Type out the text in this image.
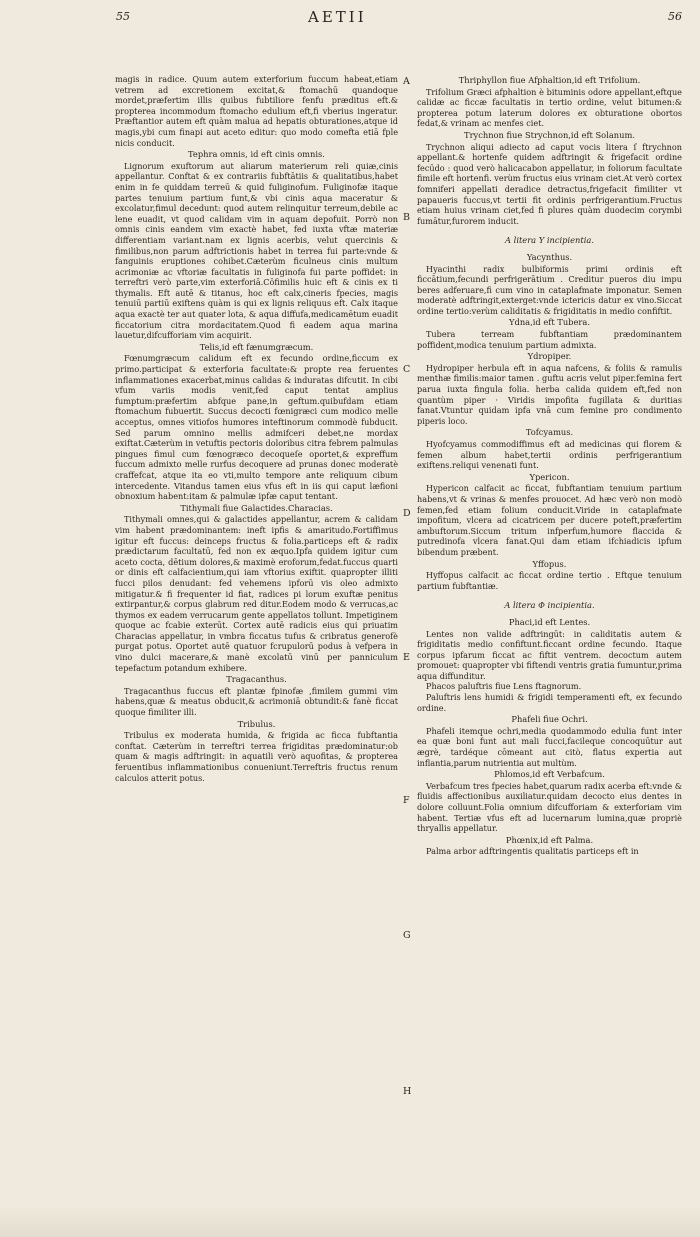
55	AETII	56
A
B
C
D
E
F
G
H

magis in radice. Quum autem exterforium fuccum habeat,etiam vetrem ad excretionem excitat,& ftomachū quandoque mordet,præfertim illis quibus fubtiliore fenfu præditus eft.& propterea incommodum ftomacho edulium eft,fi vberius ingeratur. Præftantior autem eft quàm malua ad hepatis obturationes,atque id magis,ybi cum finapi aut aceto editur: quo modo comefta etiā fple nicis conducit.

Tephra omnis, id eft cinis omnis.

Lignorum exuftorum aut aliarum materierum reli quiæ,cinis appellantur. Conftat & ex contrariis fubftātiis & qualitatibus,habet enim in fe quiddam terreū & quid fuliginofum. Fuliginofæ itaque partes tenuium partium funt,& vbi cinis aqua maceratur & excolatur,fimul decedunt: quod autem relinquitur terreum,debile ac lene euadit, vt quod calidam vim in aquam depofuit. Porrò non omnis cinis eandem vim exactè habet, fed iuxta vftæ materiæ differentiam variant.nam ex lignis acerbis, velut quercinis & fimilibus,non parum adftrictionis habet in terrea fui parte:vnde & fanguinis eruptiones cohibet.Cæterùm ficulneus cinis multum acrimoniæ ac vftoriæ facultatis in fuliginofa fui parte poffidet: in terreftri verò parte,vim exterforiā.Cōfimilis huic eft & cinis ex ti thymalis. Eft autē & titanus, hoc eft calx,cineris fpecies, magis tenuiū partiū exiftens quàm is qui ex lignis reliquus eft. Calx itaque aqua exactè ter aut quater lota, & aqua diffufa,medicamētum euadit ficcatorium citra mordacitatem.Quod fi eadem aqua marina lauetur,difcufforiam vim acquirit.

Telis,id eft fænumgræcum.

Fœnumgræcum calidum eft ex fecundo ordine,ficcum ex primo.participat & exterforia facultate:& propte rea feruentes inflammationes exacerbat,minus calidas & induratas difcutit. In cibi vfum variis modis venit,fed caput tentat amplius fumptum:præfertim abfque pane,in geftum.quibufdam etiam ftomachum fubuertit. Succus decocti fœnigræci cum modico melle acceptus, omnes vitiofos humores inteftinorum commodè fubducit. Sed parum omnino mellis admifceri debet,ne mordax exiftat.Cæterùm in vetuftis pectoris doloribus citra febrem palmulas pingues fimul cum fœnogræco decoqueſe oportet,& expreffum fuccum admixto melle rurfus decoquere ad prunas donec moderatè craffefcat, atque ita eo vti,multo tempore ante reliquum cibum intercedente. Vitandus tamen eius vfus eft in iis qui caput læfioni obnoxium habent:itam & palmulæ ipfæ caput tentant.

Tithymali fiue Galactides.Characias.

Tithymali omnes,qui & galactides appellantur, acrem & calidam vim habent prædominantem: ineft ipfis & amaritudo.Fortiffimus igitur eft fuccus: deinceps fructus & folia.particeps eft & radix prædictarum facultatū, fed non ex æquo.Ipfa quidem igitur cum aceto cocta, dētium dolores,& maximè eroforum,fedat.fuccus quarti or dinis eft calfacientium,qui iam vftorius exiftit. quapropter illiti fucci pilos denudant: fed vehemens ipforū vis oleo admixto mitigatur.& fi frequenter id fiat, radices pi lorum exuftæ penitus extirpantur,& corpus glabrum red ditur.Eodem modo & verrucas,ac thymos ex eadem verrucarum gente appellatos tollunt. Impetiginem quoque ac fcabie exterūt. Cortex autē radicis eius qui priuatim Characias appellatur, in vmbra ficcatus tufus & cribratus generofè purgat potus. Oportet autē quatuor fcrupulorū podus à vefpera in vino dulci macerare,& manè excolatū vinū per panniculum tepefactum potandum exhibere.

Tragacanthus.

Tragacanthus fuccus eft plantæ fpinofæ ,fimilem gummi vim habens,quæ & meatus obducit,& acrimoniā obtundit:& fanè ficcat quoque fimiliter illi.

Tribulus.

Tribulus ex moderata humida, & frigida ac ficca fubftantia conftat. Cæterùm in terreftri terrea frigiditas prædominatur:ob quam & magis adftringit: in aquatili verò aquofitas, & propterea feruentibus inflammationibus conueniunt.Terreftris fructus renum calculos atterit potus.

Thriphyllon fiue Afphaltion,id eft Trifolium.

Trifolium Græci afphaltion è bituminis odore appellant,eftque calidæ ac ficcæ facultatis in tertio ordine, velut bitumen:& propterea potum laterum dolores ex obturatione obortos fedat,& vrinam ac menfes ciet.

Trychnon fiue Strychnon,id eft Solanum.

Trychnon aliqui adiecto ad caput vocis litera ſ ftrychnon appellant.& hortenfe quidem adftringit & frigefacit ordine fecūdo : quod verò halicacabon appellatur, in foliorum facultate fimile eft hortenfi. verùm fructus eius vrinam ciet.At verò cortex fomniferi appellati deradice detractus,frigefacit fimiliter vt papaueris fuccus,vt tertii fit ordinis perfrigerantium.Fructus etiam huius vrinam ciet,fed fi plures quàm duodecim corymbi fumātur,furorem inducit.

A litera Υ incipientia.
Yacynthus.

Hyacinthi radix bulbiformis primi ordinis eft ficcātium,fecundi perfrigerātium . Creditur pueros diu impu beres adferuare,fi cum vino in cataplafmate imponatur. Semen moderatè adftringit,exterget:vnde ictericis datur ex vino.Siccat ordine tertio:verùm caliditatis & frigiditatis in medio confiftit.

Ydna,id eft Tubera.

Tubera terream fubftantiam prædominantem poffident,modica tenuium partium admixta.

Ydropiper.

Hydropiper herbula eft in aqua nafcens, & foliis & ramulis menthæ fimilis:maior tamen . guftu acris velut piper.femina fert parua iuxta fingula folia. herba calida quidem eft,fed non quantùm piper · Viridis impofita fugillata & duritias fanat.Vtuntur quidam ipfa vnā cum femine pro condimento piperis loco.

Tofcyamus.

Hyofcyamus commodiffimus eft ad medicinas qui florem & femen album habet,tertii ordinis perfrigerantium exiftens.reliqui venenati funt.

Ypericon.

Hypericon calfacit ac ficcat, fubftantiam tenuium partium habens,vt & vrinas & menfes prouocet. Ad hæc verò non modò femen,fed etiam folium conducit.Viride in cataplafmate impofitum, vlcera ad cicatricem per ducere poteft,præfertim ambuftorum.Siccum tritum infperfum,humore flaccida & putredinofa vlcera fanat.Qui dam etiam ifchiadicis ipfum bibendum præbent.

Yffopus.

Hyffopus calfacit ac ficcat ordine tertio . Eftque tenuium partium fubftantiæ.

A litera Φ incipientia.
Phaci,id eft Lentes.

Lentes non valide adftringūt: in caliditatis autem & frigiditatis medio confiftunt.ficcant ordine fecundo. Itaque corpus ipfarum ficcat ac fiftit ventrem. decoctum autem promouet: quapropter vbi fiftendi ventris gratia fumuntur,prima aqua diffunditur.

Phacos paluftris fiue Lens ftagnorum.

Paluftris lens humidi & frigidi temperamenti eft, ex fecundo ordine.

Phafeli fiue Ochri.

Phafeli itemque ochri,media quodammodo edulia funt inter ea quæ boni funt aut mali fucci,facileque concoquūtur aut ægrè, tardéque cōmeant aut citò, flatus expertia aut inflantia,parum nutrientia aut multùm.

Phlomos,id eft Verbafcum.

Verbafcum tres fpecies habet,quarum radix acerba eft:vnde & fluidis affectionibus auxiliatur.quidam decocto eius dentes in dolore colluunt.Folia omnium difcufforiam & exterforiam vim habent. Tertiæ vfus eft ad lucernarum lumina,quæ propriè thryallis appellatur.

Phœnix,id eft Palma.

Palma arbor adftringentis qualitatis particeps eft in
